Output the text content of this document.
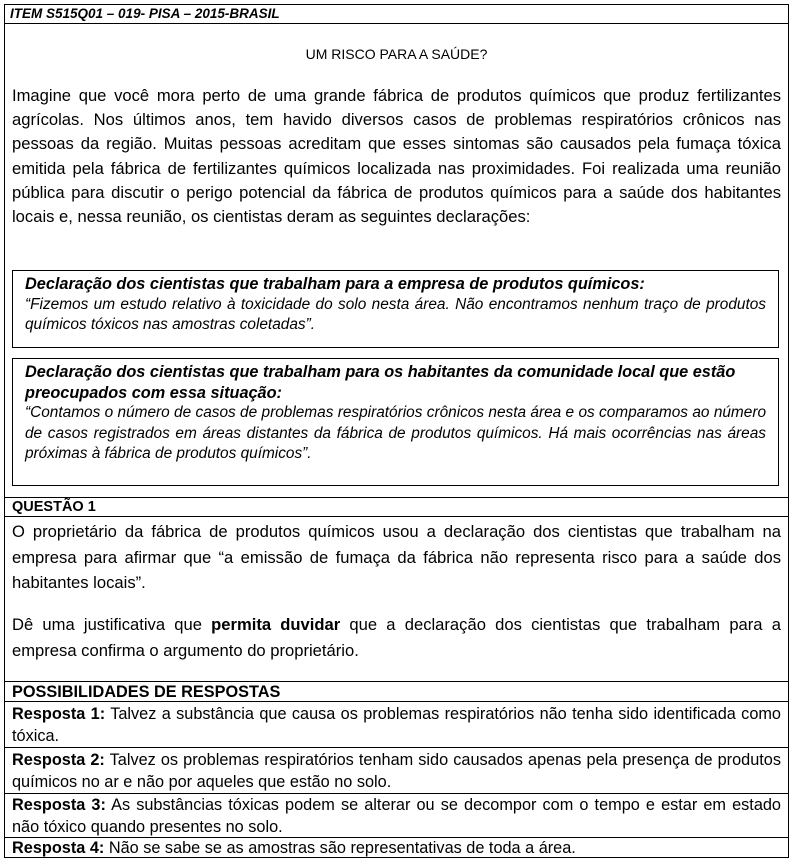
ITEM S515Q01 – 019- PISA – 2015-BRASIL
UM RISCO PARA A SAÚDE?
Imagine que você mora perto de uma grande fábrica de produtos químicos que produz fertilizantes agrícolas. Nos últimos anos, tem havido diversos casos de problemas respiratórios crônicos nas pessoas da região. Muitas pessoas acreditam que esses sintomas são causados pela fumaça tóxica emitida pela fábrica de fertilizantes químicos localizada nas proximidades. Foi realizada uma reunião pública para discutir o perigo potencial da fábrica de produtos químicos para a saúde dos habitantes locais e, nessa reunião, os cientistas deram as seguintes declarações:
Declaração dos cientistas que trabalham para a empresa de produtos químicos:
“Fizemos um estudo relativo à toxicidade do solo nesta área. Não encontramos nenhum traço de produtos químicos tóxicos nas amostras coletadas”.
Declaração dos cientistas que trabalham para os habitantes da comunidade local que estão preocupados com essa situação:
“Contamos o número de casos de problemas respiratórios crônicos nesta área e os comparamos ao número de casos registrados em áreas distantes da fábrica de produtos químicos. Há mais ocorrências nas áreas próximas à fábrica de produtos químicos”.
QUESTÃO 1
O proprietário da fábrica de produtos químicos usou a declaração dos cientistas que trabalham na empresa para afirmar que “a emissão de fumaça da fábrica não representa risco para a saúde dos habitantes locais”.
Dê uma justificativa que permita duvidar que a declaração dos cientistas que trabalham para a empresa confirma o argumento do proprietário.
POSSIBILIDADES DE RESPOSTAS
Resposta 1: Talvez a substância que causa os problemas respiratórios não tenha sido identificada como tóxica.
Resposta 2: Talvez os problemas respiratórios tenham sido causados apenas pela presença de produtos químicos no ar e não por aqueles que estão no solo.
Resposta 3: As substâncias tóxicas podem se alterar ou se decompor com o tempo e estar em estado não tóxico quando presentes no solo.
Resposta 4: Não se sabe se as amostras são representativas de toda a área.
